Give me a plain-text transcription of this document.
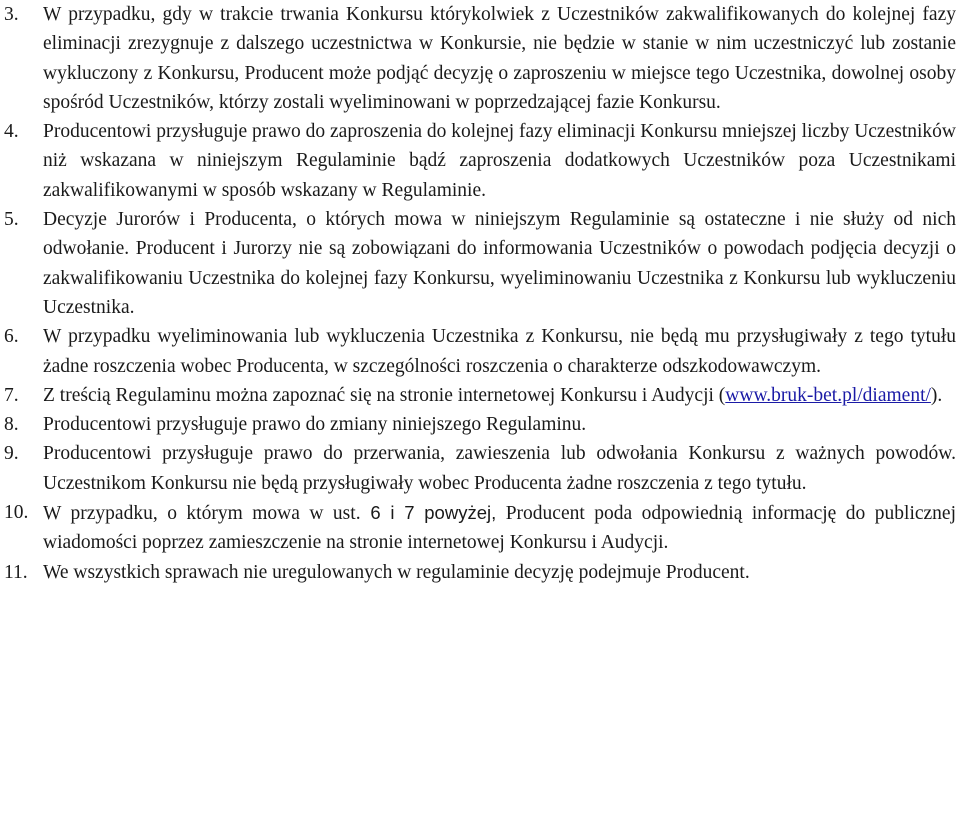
3.	W przypadku, gdy w trakcie trwania Konkursu którykolwiek z Uczestników zakwalifikowanych do kolejnej fazy eliminacji zrezygnuje z dalszego uczestnictwa w Konkursie, nie będzie w stanie w nim uczestniczyć lub zostanie wykluczony z Konkursu, Producent może podjąć decyzję o zaproszeniu w miejsce tego Uczestnika, dowolnej osoby spośród Uczestników, którzy zostali wyeliminowani w poprzedzającej fazie Konkursu.
4.	Producentowi przysługuje prawo do zaproszenia do kolejnej fazy eliminacji Konkursu mniejszej liczby Uczestników niż wskazana w niniejszym Regulaminie bądź zaproszenia dodatkowych Uczestników poza Uczestnikami zakwalifikowanymi w sposób wskazany w Regulaminie.
5.	Decyzje Jurorów i Producenta, o których mowa w niniejszym Regulaminie są ostateczne i nie służy od nich odwołanie. Producent i Jurorzy nie są zobowiązani do informowania Uczestników o powodach podjęcia decyzji o zakwalifikowaniu Uczestnika do kolejnej fazy Konkursu, wyeliminowaniu Uczestnika z Konkursu lub wykluczeniu Uczestnika.
6.	W przypadku wyeliminowania lub wykluczenia Uczestnika z Konkursu, nie będą mu przysługiwały z tego tytułu żadne roszczenia wobec Producenta, w szczególności roszczenia o charakterze odszkodowawczym.
7.	Z treścią Regulaminu można zapoznać się na stronie internetowej Konkursu i Audycji (www.bruk-bet.pl/diament/).
8.	Producentowi przysługuje prawo do zmiany niniejszego Regulaminu.
9.	Producentowi przysługuje prawo do przerwania, zawieszenia lub odwołania Konkursu z ważnych powodów. Uczestnikom Konkursu nie będą przysługiwały wobec Producenta żadne roszczenia z tego tytułu.
10. W przypadku, o którym mowa w ust. 6 i 7 powyżej, Producent poda odpowiednią informację do publicznej wiadomości poprzez zamieszczenie na stronie internetowej Konkursu i Audycji.
11. We wszystkich sprawach nie uregulowanych w regulaminie decyzję podejmuje Producent.
